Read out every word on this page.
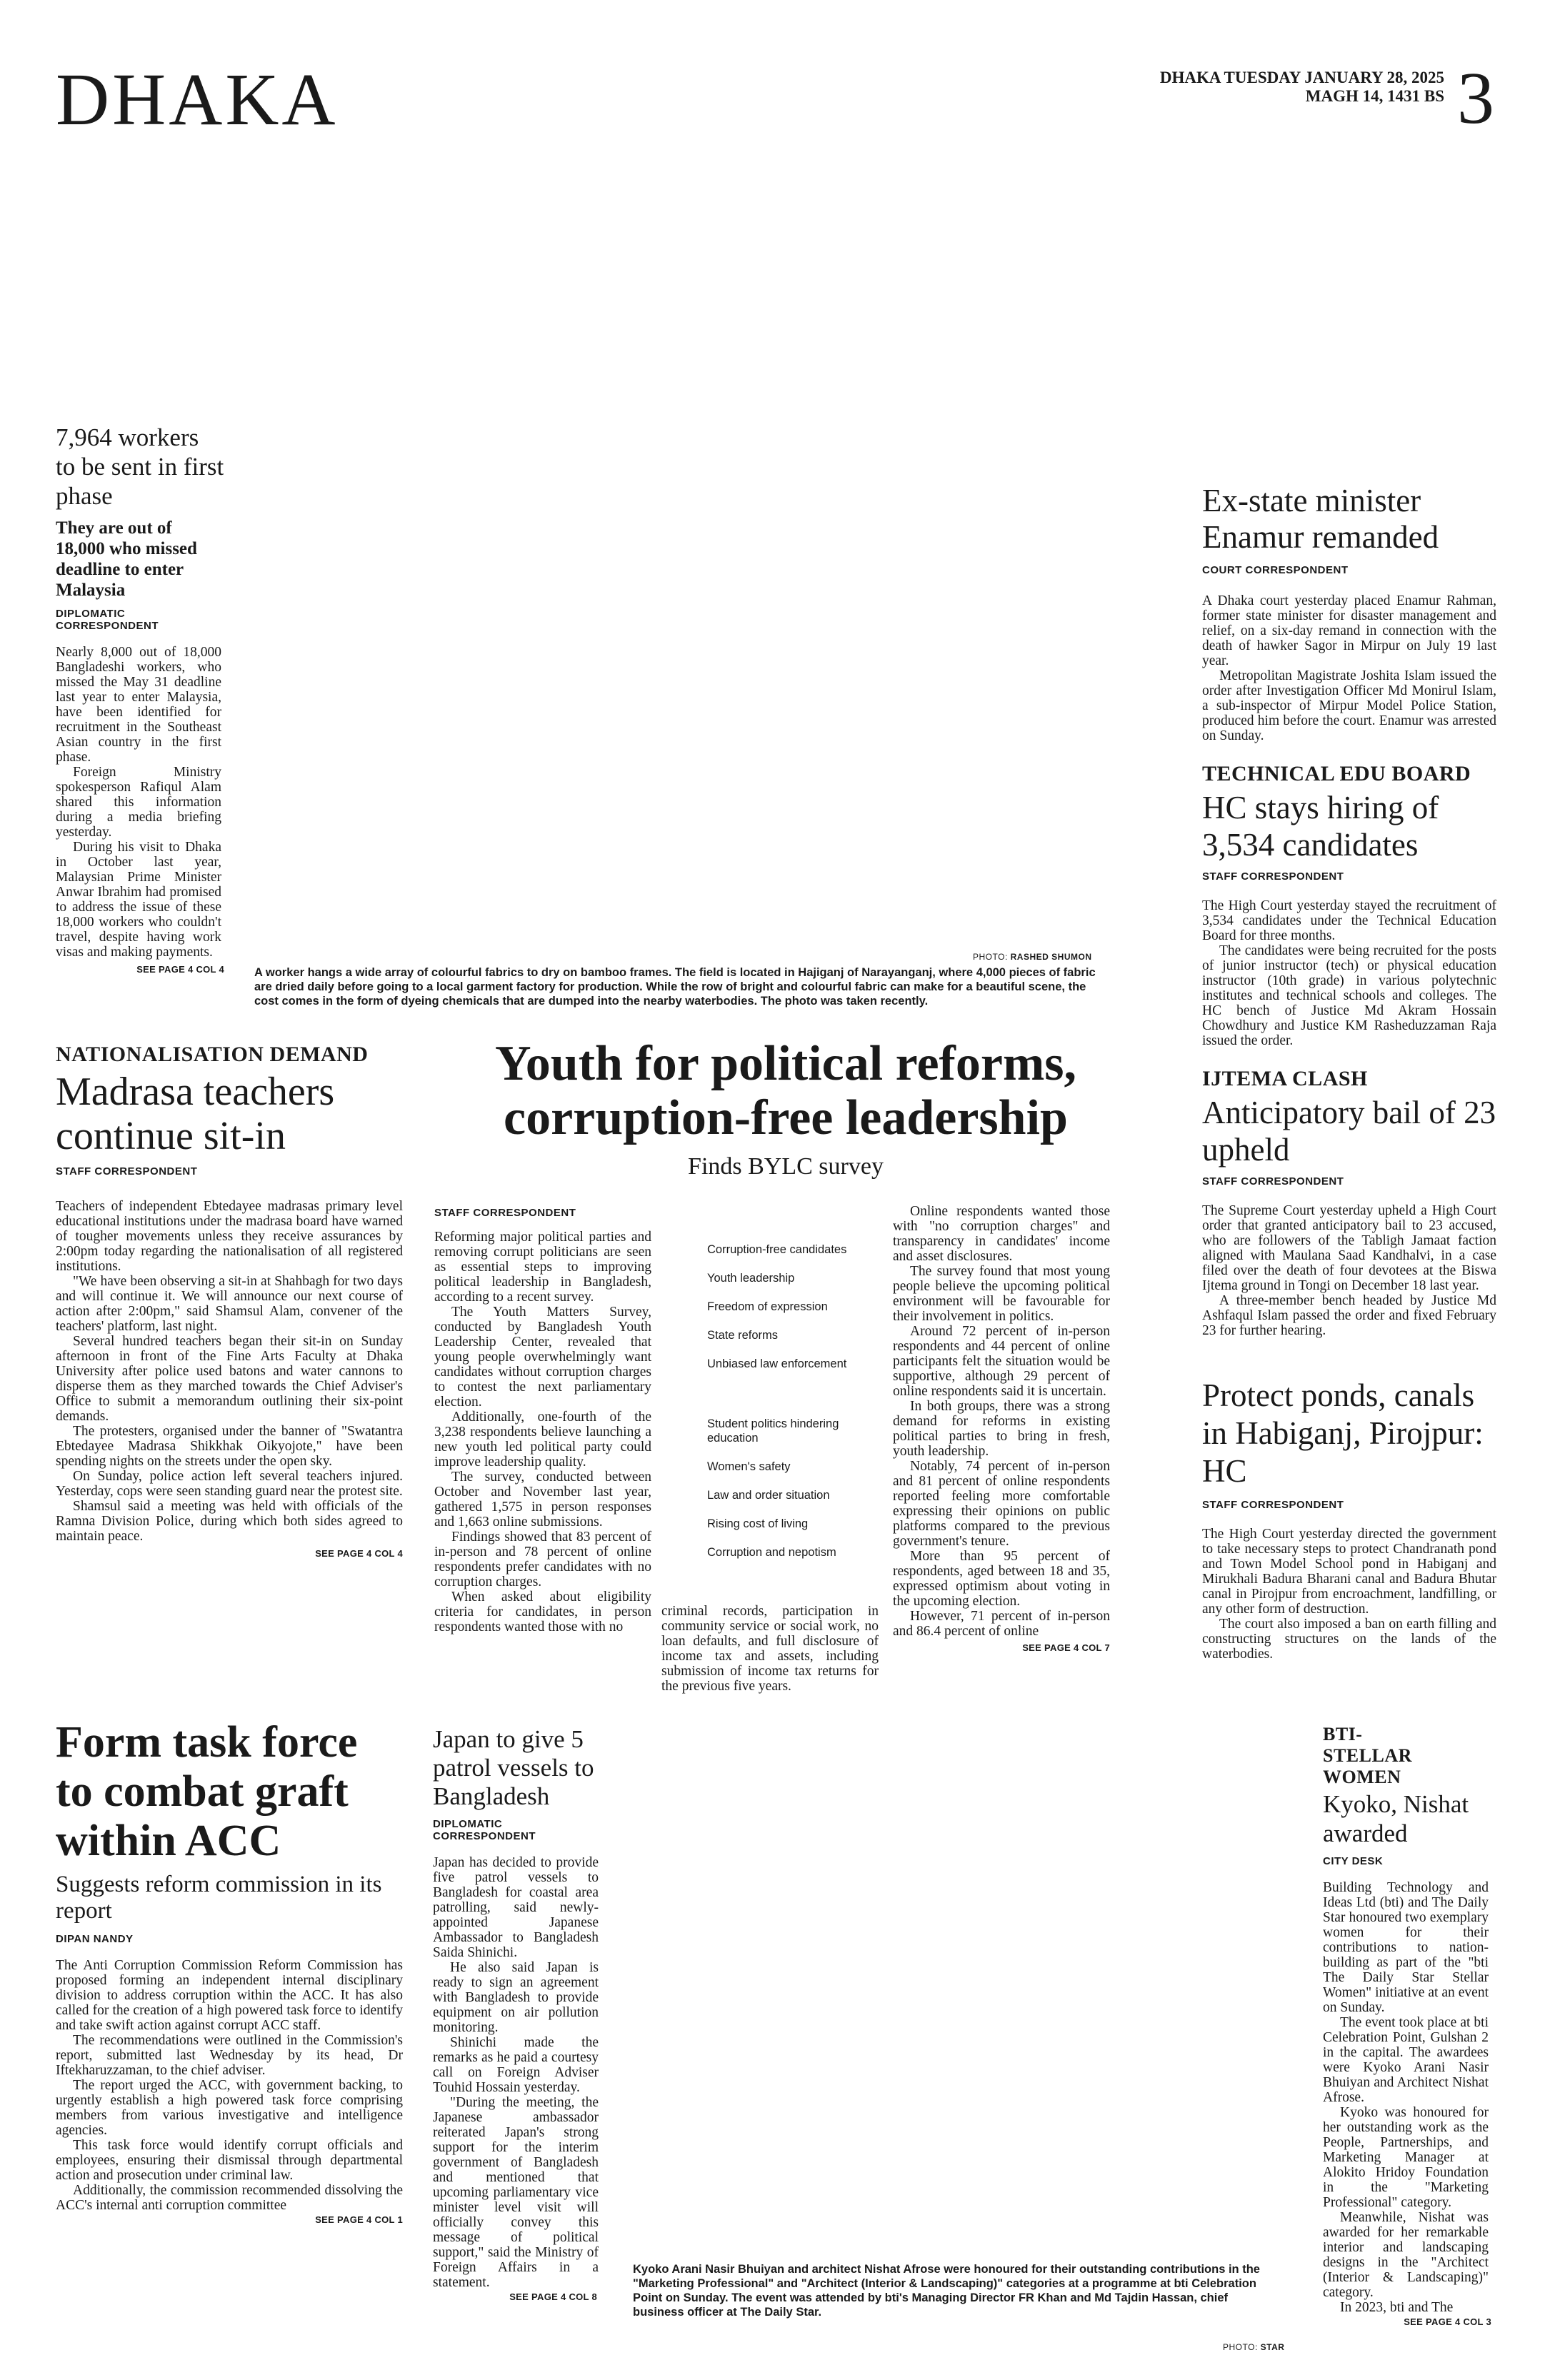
DHAKA	DHAKA TUESDAY JANUARY 28, 2025
MAGH 14, 1431 BS 3
7,964 workers to be sent in first phase
They are out of 18,000 who missed deadline to enter Malaysia
DIPLOMATIC CORRESPONDENT

Nearly 8,000 out of 18,000 Bangladeshi workers, who missed the May 31 deadline last year to enter Malaysia, have been identified for recruitment in the Southeast Asian country in the first phase.

Foreign Ministry spokesperson Rafiqul Alam shared this information during a media briefing yesterday.

During his visit to Dhaka in October last year, Malaysian Prime Minister Anwar Ibrahim had promised to address the issue of these 18,000 workers who couldn't travel, despite having work visas and making payments.

SEE PAGE 4 COL 4
PHOTO: RASHED SHUMON
A worker hangs a wide array of colourful fabrics to dry on bamboo frames. The field is located in Hajiganj of Narayanganj, where 4,000 pieces of fabric are dried daily before going to a local garment factory for production. While the row of bright and colourful fabric can make for a beautiful scene, the cost comes in the form of dyeing chemicals that are dumped into the nearby waterbodies. The photo was taken recently.
Ex-state minister Enamur remanded
COURT CORRESPONDENT

A Dhaka court yesterday placed Enamur Rahman, former state minister for disaster management and relief, on a six-day remand in connection with the death of hawker Sagor in Mirpur on July 19 last year.

Metropolitan Magistrate Joshita Islam issued the order after Investigation Officer Md Monirul Islam, a sub-inspector of Mirpur Model Police Station, produced him before the court. Enamur was arrested on Sunday.

TECHNICAL EDU BOARD
HC stays hiring of 3,534 candidates
STAFF CORRESPONDENT

The High Court yesterday stayed the recruitment of 3,534 candidates under the Technical Education Board for three months.

The candidates were being recruited for the posts of junior instructor (tech) or physical education instructor (10th grade) in various polytechnic institutes and technical schools and colleges. The HC bench of Justice Md Akram Hossain Chowdhury and Justice KM Rasheduzzaman Raja issued the order.

IJTEMA CLASH
Anticipatory bail of 23 upheld
STAFF CORRESPONDENT

The Supreme Court yesterday upheld a High Court order that granted anticipatory bail to 23 accused, who are followers of the Tabligh Jamaat faction aligned with Maulana Saad Kandhalvi, in a case filed over the death of four devotees at the Biswa Ijtema ground in Tongi on December 18 last year.

A three-member bench headed by Justice Md Ashfaqul Islam passed the order and fixed February 23 for further hearing.

Protect ponds, canals in Habiganj, Pirojpur: HC
STAFF CORRESPONDENT

The High Court yesterday directed the government to take necessary steps to protect Chandranath pond and Town Model School pond in Habiganj and Mirukhali Badura Bharani canal and Badura Bhutar canal in Pirojpur from encroachment, landfilling, or any other form of destruction.

The court also imposed a ban on earth filling and constructing structures on the lands of the waterbodies.

NATIONALISATION DEMAND
Madrasa teachers continue sit-in
STAFF CORRESPONDENT

Teachers of independent Ebtedayee madrasas primary level educational institutions under the madrasa board have warned of tougher movements unless they receive assurances by 2:00pm today regarding the nationalisation of all registered institutions.

"We have been observing a sit-in at Shahbagh for two days and will continue it. We will announce our next course of action after 2:00pm," said Shamsul Alam, convener of the teachers' platform, last night.

Several hundred teachers began their sit-in on Sunday afternoon in front of the Fine Arts Faculty at Dhaka University after police used batons and water cannons to disperse them as they marched towards the Chief Adviser's Office to submit a memorandum outlining their six-point demands.

The protesters, organised under the banner of "Swatantra Ebtedayee Madrasa Shikkhak Oikyojote," have been spending nights on the streets under the open sky.

On Sunday, police action left several teachers injured. Yesterday, cops were seen standing guard near the protest site.

Shamsul said a meeting was held with officials of the Ramna Division Police, during which both sides agreed to maintain peace.

SEE PAGE 4 COL 4
Youth for political reforms,
corruption-free leadership
Finds BYLC survey
STAFF CORRESPONDENT

Reforming major political parties and removing corrupt politicians are seen as essential steps to improving political leadership in Bangladesh, according to a recent survey.

The Youth Matters Survey, conducted by Bangladesh Youth Leadership Center, revealed that young people overwhelmingly want candidates without corruption charges to contest the next parliamentary election.

Additionally, one-fourth of the 3,238 respondents believe launching a new youth led political party could improve leadership quality.

The survey, conducted between October and November last year, gathered 1,575 in person responses and 1,663 online submissions.

Findings showed that 83 percent of in-person and 78 percent of online respondents prefer candidates with no corruption charges.

When asked about eligibility criteria for candidates, in person respondents wanted those with no

Corruption-free candidates
Youth leadership
Freedom of expression
State reforms
Unbiased law enforcement
Student politics hindering education
Women's safety
Law and order situation
Rising cost of living
Corruption and nepotism

criminal records, participation in community service or social work, no loan defaults, and full disclosure of income tax and assets, including submission of income tax returns for the previous five years.

Online respondents wanted those with "no corruption charges" and transparency in candidates' income and asset disclosures.

The survey found that most young people believe the upcoming political environment will be favourable for their involvement in politics.

Around 72 percent of in-person respondents and 44 percent of online participants felt the situation would be supportive, although 29 percent of online respondents said it is uncertain.

In both groups, there was a strong demand for reforms in existing political parties to bring in fresh, youth leadership.

Notably, 74 percent of in-person and 81 percent of online respondents reported feeling more comfortable expressing their opinions on public platforms compared to the previous government's tenure.

More than 95 percent of respondents, aged between 18 and 35, expressed optimism about voting in the upcoming election.

However, 71 percent of in-person and 86.4 percent of online

SEE PAGE 4 COL 7
Form task force to combat graft within ACC
Suggests reform commission in its report
DIPAN NANDY

The Anti Corruption Commission Reform Commission has proposed forming an independent internal disciplinary division to address corruption within the ACC. It has also called for the creation of a high powered task force to identify and take swift action against corrupt ACC staff.

The recommendations were outlined in the Commission's report, submitted last Wednesday by its head, Dr Iftekharuzzaman, to the chief adviser.

The report urged the ACC, with government backing, to urgently establish a high powered task force comprising members from various investigative and intelligence agencies.

This task force would identify corrupt officials and employees, ensuring their dismissal through departmental action and prosecution under criminal law.

Additionally, the commission recommended dissolving the ACC's internal anti corruption committee

SEE PAGE 4 COL 1
Japan to give 5 patrol vessels to Bangladesh
DIPLOMATIC CORRESPONDENT

Japan has decided to provide five patrol vessels to Bangladesh for coastal area patrolling, said newly-appointed Japanese Ambassador to Bangladesh Saida Shinichi.

He also said Japan is ready to sign an agreement with Bangladesh to provide equipment on air pollution monitoring.

Shinichi made the remarks as he paid a courtesy call on Foreign Adviser Touhid Hossain yesterday.

"During the meeting, the Japanese ambassador reiterated Japan's strong support for the interim government of Bangladesh and mentioned that upcoming parliamentary vice minister level visit will officially convey this message of political support," said the Ministry of Foreign Affairs in a statement.

SEE PAGE 4 COL 8
Kyoko Arani Nasir Bhuiyan and architect Nishat Afrose were honoured for their outstanding contributions in the "Marketing Professional" and "Architect (Interior & Landscaping)" categories at a programme at bti Celebration Point on Sunday. The event was attended by bti's Managing Director FR Khan and Md Tajdin Hassan, chief business officer at The Daily Star.
PHOTO: STAR
BTI-
STELLAR WOMEN
Kyoko, Nishat awarded
CITY DESK

Building Technology and Ideas Ltd (bti) and The Daily Star honoured two exemplary women for their contributions to nation-building as part of the "bti The Daily Star Stellar Women" initiative at an event on Sunday.

The event took place at bti Celebration Point, Gulshan 2 in the capital. The awardees were Kyoko Arani Nasir Bhuiyan and Architect Nishat Afrose.

Kyoko was honoured for her outstanding work as the People, Partnerships, and Marketing Manager at Alokito Hridoy Foundation in the "Marketing Professional" category.

Meanwhile, Nishat was awarded for her remarkable interior and landscaping designs in the "Architect (Interior & Landscaping)" category.

In 2023, bti and The

SEE PAGE 4 COL 3
